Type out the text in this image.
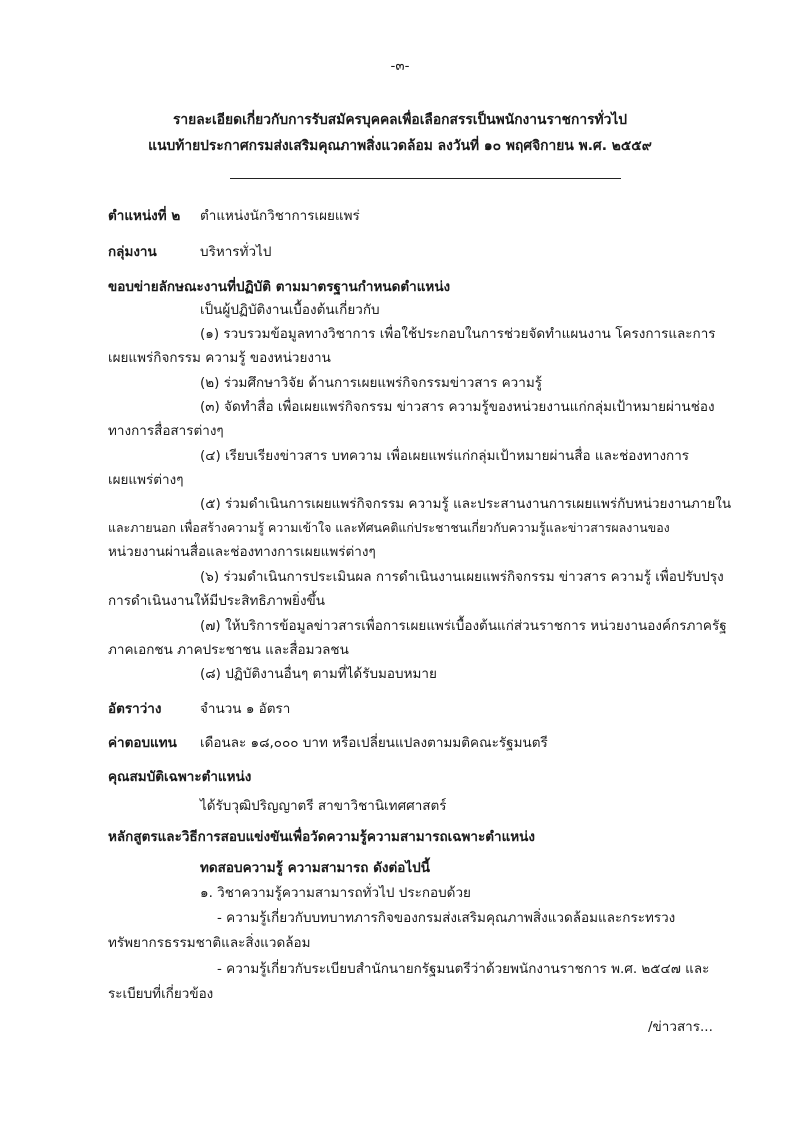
-๓-
รายละเอียดเกี่ยวกับการรับสมัครบุคคลเพื่อเลือกสรรเป็นพนักงานราชการทั่วไป
แนบท้ายประกาศกรมส่งเสริมคุณภาพสิ่งแวดล้อม ลงวันที่ ๑๐ พฤศจิกายน พ.ศ. ๒๕๕๙
ตำแหน่งที่ ๒ ตำแหน่งนักวิชาการเผยแพร่
กลุ่มงาน	บริหารทั่วไป
ขอบข่ายลักษณะงานที่ปฏิบัติ ตามมาตรฐานกำหนดตำแหน่ง
เป็นผู้ปฏิบัติงานเบื้องต้นเกี่ยวกับ
(๑) รวบรวมข้อมูลทางวิชาการ เพื่อใช้ประกอบในการช่วยจัดทำแผนงาน โครงการและการ
เผยแพร่กิจกรรม ความรู้ ของหน่วยงาน
(๒) ร่วมศึกษาวิจัย ด้านการเผยแพร่กิจกรรมข่าวสาร ความรู้
(๓) จัดทำสื่อ เพื่อเผยแพร่กิจกรรม ข่าวสาร ความรู้ของหน่วยงานแก่กลุ่มเป้าหมายผ่านช่อง
ทางการสื่อสารต่างๆ
(๔) เรียบเรียงข่าวสาร บทความ เพื่อเผยแพร่แก่กลุ่มเป้าหมายผ่านสื่อ และช่องทางการ
เผยแพร่ต่างๆ
(๕) ร่วมดำเนินการเผยแพร่กิจกรรม ความรู้ และประสานงานการเผยแพร่กับหน่วยงานภายใน
และภายนอก เพื่อสร้างความรู้ ความเข้าใจ และทัศนคติแก่ประชาชนเกี่ยวกับความรู้และข่าวสารผลงานของ
หน่วยงานผ่านสื่อและช่องทางการเผยแพร่ต่างๆ
(๖) ร่วมดำเนินการประเมินผล การดำเนินงานเผยแพร่กิจกรรม ข่าวสาร ความรู้ เพื่อปรับปรุง
การดำเนินงานให้มีประสิทธิภาพยิ่งขึ้น
(๗) ให้บริการข้อมูลข่าวสารเพื่อการเผยแพร่เบื้องต้นแก่ส่วนราชการ หน่วยงานองค์กรภาครัฐ
ภาคเอกชน ภาคประชาชน และสื่อมวลชน
(๘) ปฏิบัติงานอื่นๆ ตามที่ได้รับมอบหมาย
อัตราว่าง	จำนวน ๑ อัตรา
ค่าตอบแทน เดือนละ ๑๘,๐๐๐ บาท หรือเปลี่ยนแปลงตามมติคณะรัฐมนตรี
คุณสมบัติเฉพาะตำแหน่ง
ได้รับวุฒิปริญญาตรี สาขาวิชานิเทศศาสตร์
หลักสูตรและวิธีการสอบแข่งขันเพื่อวัดความรู้ความสามารถเฉพาะตำแหน่ง
ทดสอบความรู้ ความสามารถ ดังต่อไปนี้
๑. วิชาความรู้ความสามารถทั่วไป ประกอบด้วย
- ความรู้เกี่ยวกับบทบาทภารกิจของกรมส่งเสริมคุณภาพสิ่งแวดล้อมและกระทรวง
ทรัพยากรธรรมชาติและสิ่งแวดล้อม
- ความรู้เกี่ยวกับระเบียบสำนักนายกรัฐมนตรีว่าด้วยพนักงานราชการ พ.ศ. ๒๕๔๗ และ
ระเบียบที่เกี่ยวข้อง
/ข่าวสาร...
